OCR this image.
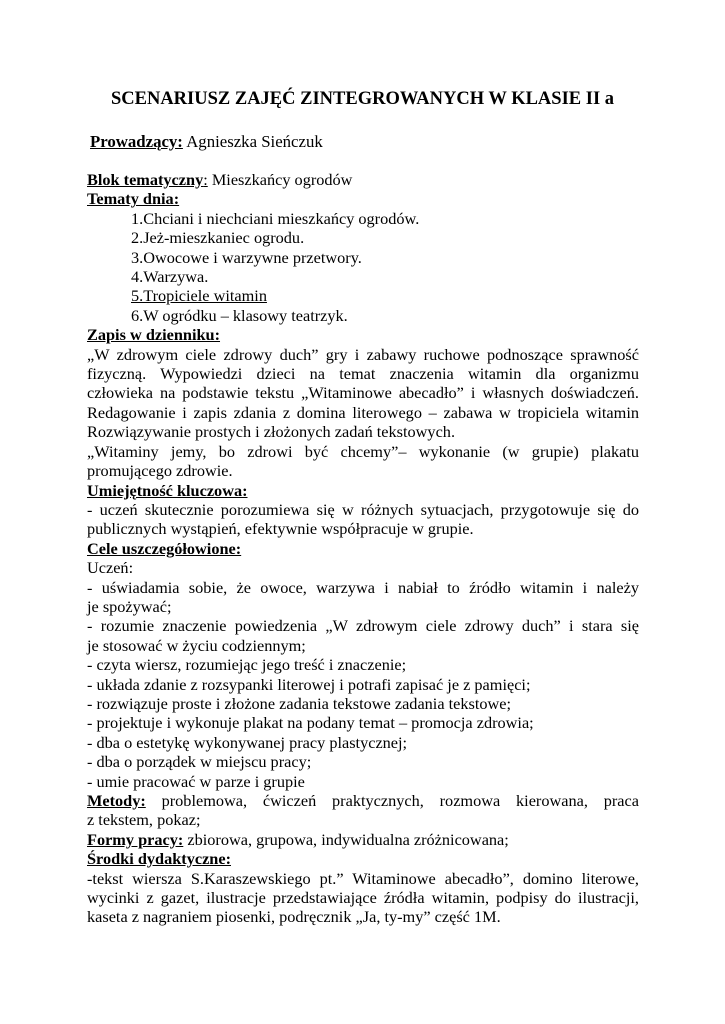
SCENARIUSZ ZAJĘĆ ZINTEGROWANYCH W KLASIE II a
Prowadzący: Agnieszka Sieńczuk
Blok tematyczny: Mieszkańcy ogrodów
Tematy dnia:
1.Chciani i niechciani mieszkańcy ogrodów.
2.Jeż-mieszkaniec ogrodu.
3.Owocowe i warzywne przetwory.
4.Warzywa.
5.Tropiciele witamin
6.W ogródku – klasowy teatrzyk.
Zapis w dzienniku:
„W zdrowym ciele zdrowy duch” gry i zabawy ruchowe podnoszące sprawność
fizyczną. Wypowiedzi dzieci na temat znaczenia witamin dla organizmu
człowieka na podstawie tekstu „Witaminowe abecadło” i własnych doświadczeń.
Redagowanie i zapis zdania z domina literowego – zabawa w tropiciela witamin
Rozwiązywanie prostych i złożonych zadań tekstowych.
„Witaminy jemy, bo zdrowi być chcemy”– wykonanie (w grupie) plakatu
promującego zdrowie.
Umiejętność kluczowa:
- uczeń skutecznie porozumiewa się w różnych sytuacjach, przygotowuje się do
publicznych wystąpień, efektywnie współpracuje w grupie.
Cele uszczegółowione:
Uczeń:
- uświadamia sobie, że owoce, warzywa i nabiał to źródło witamin i należy
je spożywać;
- rozumie znaczenie powiedzenia „W zdrowym ciele zdrowy duch” i stara się
je stosować w życiu codziennym;
- czyta wiersz, rozumiejąc jego treść i znaczenie;
- układa zdanie z rozsypanki literowej i potrafi zapisać je z pamięci;
- rozwiązuje proste i złożone zadania tekstowe zadania tekstowe;
- projektuje i wykonuje plakat na podany temat – promocja zdrowia;
- dba o estetykę wykonywanej pracy plastycznej;
- dba o porządek w miejscu pracy;
- umie pracować w parze i grupie
Metody: problemowa, ćwiczeń praktycznych, rozmowa kierowana, praca
z tekstem, pokaz;
Formy pracy: zbiorowa, grupowa, indywidualna zróżnicowana;
Środki dydaktyczne:
-tekst wiersza S.Karaszewskiego pt.” Witaminowe abecadło”, domino literowe,
wycinki z gazet, ilustracje przedstawiające źródła witamin, podpisy do ilustracji,
kaseta z nagraniem piosenki, podręcznik „Ja, ty-my” część 1M.
